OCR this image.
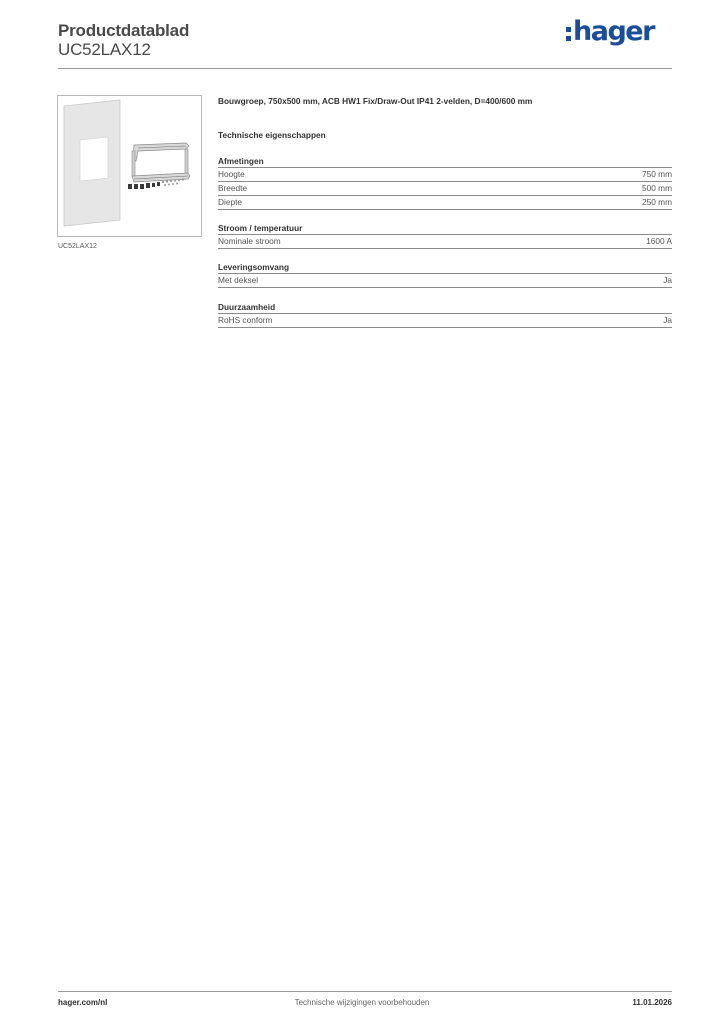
Productdatablad
UC52LAX12
hager
UC52LAX12
Bouwgroep, 750x500 mm, ACB HW1 Fix/Draw-Out IP41 2-velden, D=400/600 mm
Technische eigenschappen
Afmetingen
Hoogte	750 mm
Breedte	500 mm
Diepte	250 mm
Stroom / temperatuur
Nominale stroom	1600 A
Leveringsomvang
Met deksel	Ja
Duurzaamheid
RoHS conform	Ja
hager.com/nl	Technische wijzigingen voorbehouden	11.01.2026
